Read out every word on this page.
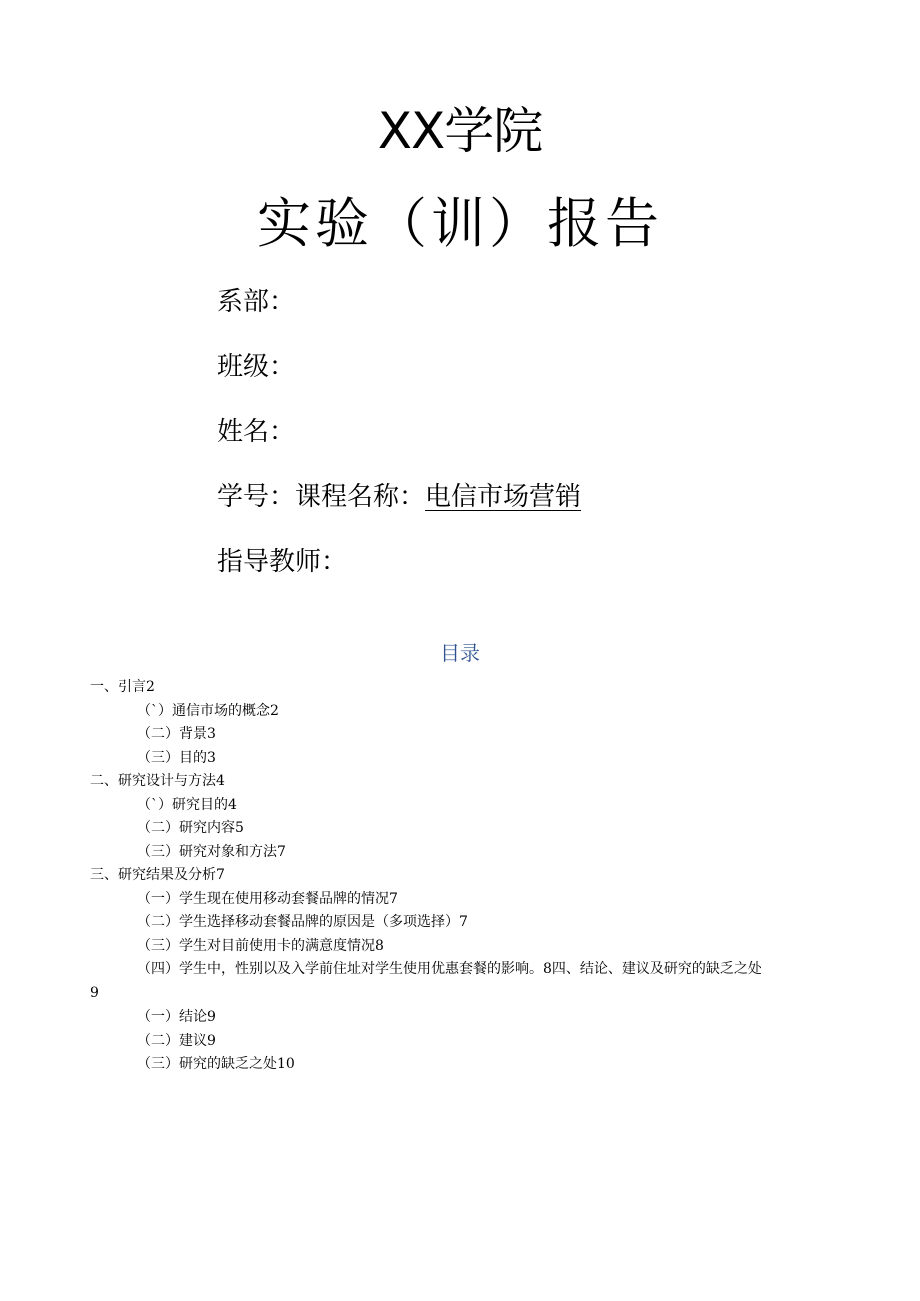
XX学院
实验（训）报告
系部：
班级：
姓名：
学号：课程名称：电信市场营销
指导教师：
目录
一、引言2
（`）通信市场的概念2
（二）背景3
（三）目的3
二、研究设计与方法4
（`）研究目的4
（二）研究内容5
（三）研究对象和方法7
三、研究结果及分析7
（一）学生现在使用移动套餐品牌的情况7
（二）学生选择移动套餐品牌的原因是（多项选择）7
（三）学生对目前使用卡的满意度情况8
（四）学生中，性别以及入学前住址对学生使用优惠套餐的影响。8四、结论、建议及研究的缺乏之处
9
（一）结论9
（二）建议9
（三）研究的缺乏之处10
